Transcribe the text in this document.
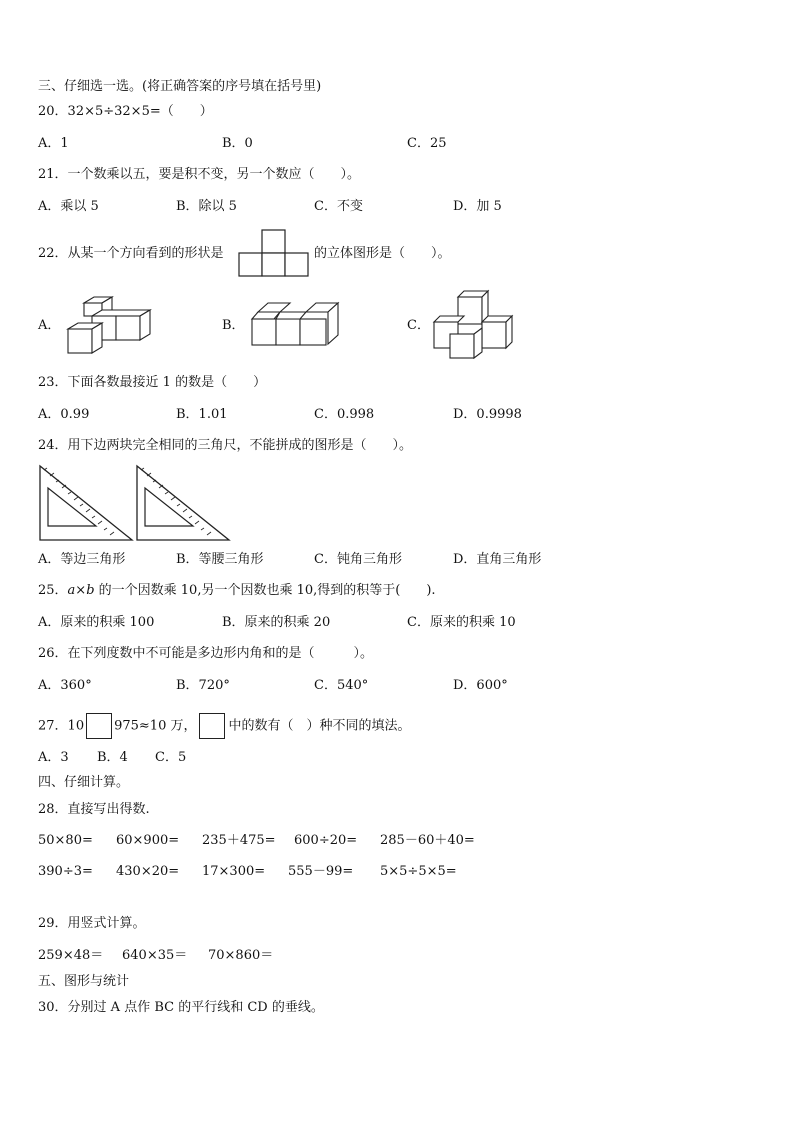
三、仔细选一选。(将正确答案的序号填在括号里)
20．32×5÷32×5=（　　）
A．1	B．0	C．25
21．一个数乘以五，要是积不变，另一个数应（　　）。
A．乘以 5	B．除以 5	C．不变	D．加 5
22．从某一个方向看到的形状是	的立体图形是（　　）。
A．	B．	C．
23．下面各数最接近 1 的数是（　　）
A．0.99	B．1.01	C．0.998	D．0.9998
24．用下边两块完全相同的三角尺，不能拼成的图形是（　　）。
A．等边三角形	B．等腰三角形	C．钝角三角形	D．直角三角形
25．a×b 的一个因数乘 10,另一个因数也乘 10,得到的积等于(　　).
A．原来的积乘 100	B．原来的积乘 20	C．原来的积乘 10
26．在下列度数中不可能是多边形内角和的是（　　　）。
A．360°	B．720°	C．540°	D．600°
27．10 975≈10 万， 中的数有（　）种不同的填法。
A．3 B．4 C．5
四、仔细计算。
28．直接写出得数.
50×80= 60×900= 235＋475= 600÷20= 285－60＋40=
390÷3= 430×20= 17×300= 555－99= 5×5÷5×5=
29．用竖式计算。
259×48＝ 640×35＝ 70×860＝
五、图形与统计
30．分别过 A 点作 BC 的平行线和 CD 的垂线。
